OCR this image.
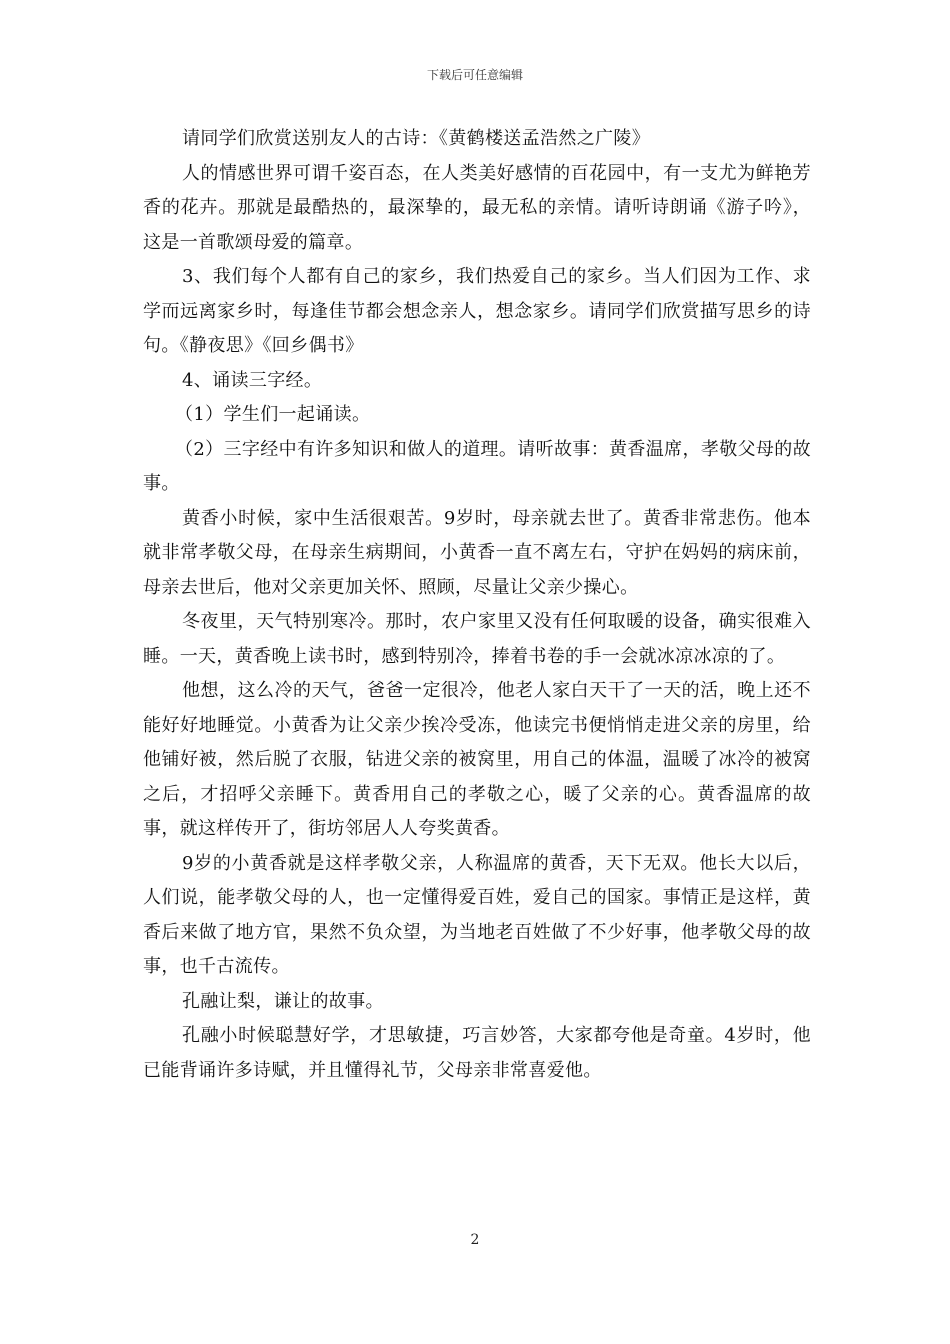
下载后可任意编辑

请同学们欣赏送别友人的古诗：《黄鹤楼送孟浩然之广陵》

人的情感世界可谓千姿百态，在人类美好感情的百花园中，有一支尤为鲜艳芳香的花卉。那就是最酷热的，最深挚的，最无私的亲情。请听诗朗诵《游子吟》，这是一首歌颂母爱的篇章。

3、我们每个人都有自己的家乡，我们热爱自己的家乡。当人们因为工作、求学而远离家乡时，每逢佳节都会想念亲人，想念家乡。请同学们欣赏描写思乡的诗句。《静夜思》《回乡偶书》

4、诵读三字经。

（1）学生们一起诵读。

（2）三字经中有许多知识和做人的道理。请听故事：黄香温席，孝敬父母的故事。

黄香小时候，家中生活很艰苦。9岁时，母亲就去世了。黄香非常悲伤。他本就非常孝敬父母，在母亲生病期间，小黄香一直不离左右，守护在妈妈的病床前，母亲去世后，他对父亲更加关怀、照顾，尽量让父亲少操心。

冬夜里，天气特别寒冷。那时，农户家里又没有任何取暖的设备，确实很难入睡。一天，黄香晚上读书时，感到特别冷，捧着书卷的手一会就冰凉冰凉的了。

他想，这么冷的天气，爸爸一定很冷，他老人家白天干了一天的活，晚上还不能好好地睡觉。小黄香为让父亲少挨冷受冻，他读完书便悄悄走进父亲的房里，给他铺好被，然后脱了衣服，钻进父亲的被窝里，用自己的体温，温暖了冰冷的被窝之后，才招呼父亲睡下。黄香用自己的孝敬之心，暖了父亲的心。黄香温席的故事，就这样传开了，街坊邻居人人夸奖黄香。

9岁的小黄香就是这样孝敬父亲，人称温席的黄香，天下无双。他长大以后，人们说，能孝敬父母的人，也一定懂得爱百姓，爱自己的国家。事情正是这样，黄香后来做了地方官，果然不负众望，为当地老百姓做了不少好事，他孝敬父母的故事，也千古流传。

孔融让梨，谦让的故事。

孔融小时候聪慧好学，才思敏捷，巧言妙答，大家都夸他是奇童。4岁时，他已能背诵许多诗赋，并且懂得礼节，父母亲非常喜爱他。

2
